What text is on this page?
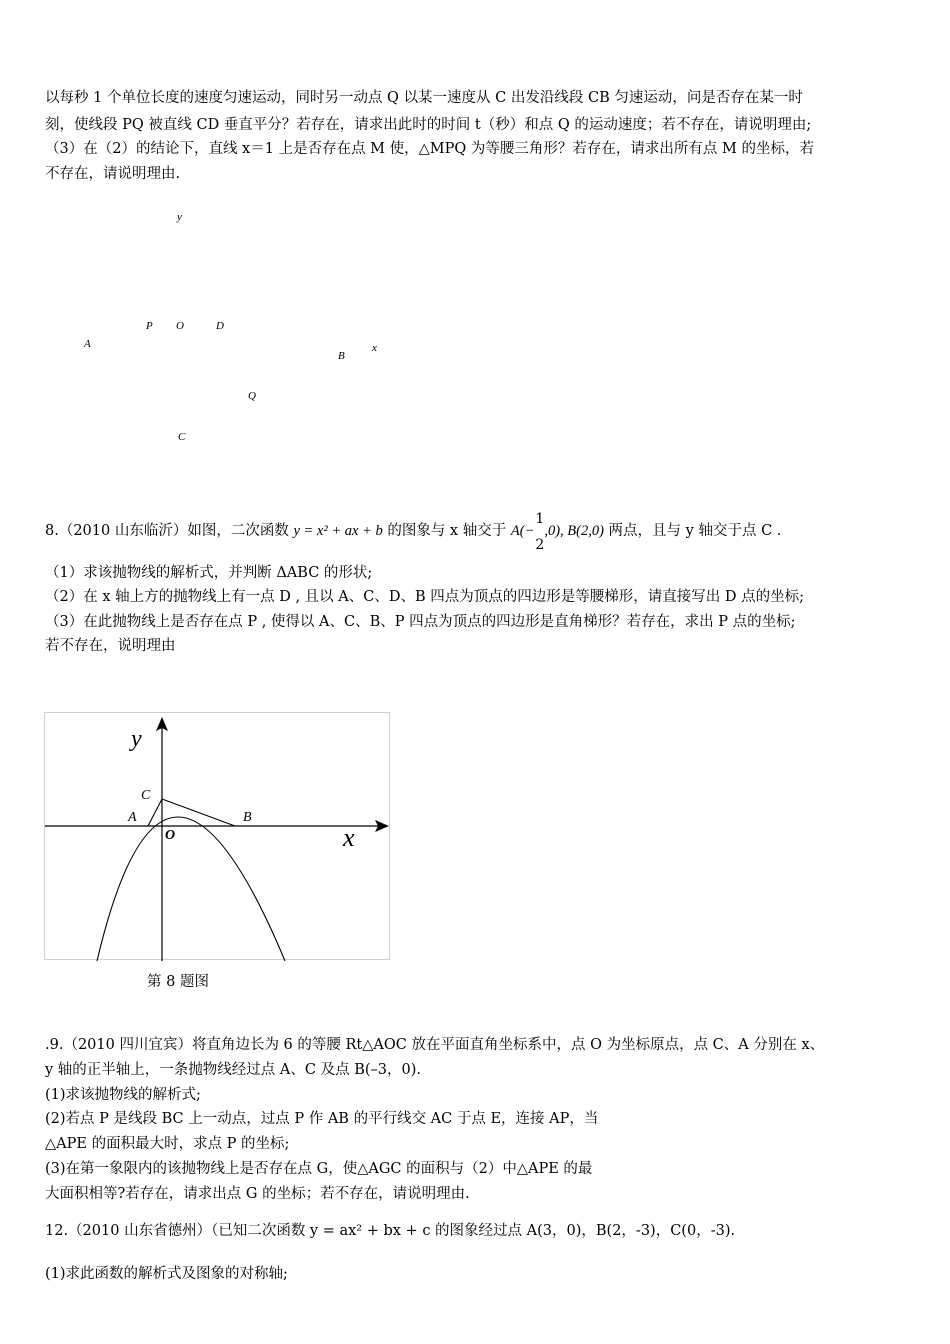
以每秒 1 个单位长度的速度匀速运动，同时另一动点 Q 以某一速度从 C 出发沿线段 CB 匀速运动，问是否存在某一时
刻，使线段 PQ 被直线 CD 垂直平分？若存在，请求出此时的时间 t（秒）和点 Q 的运动速度；若不存在，请说明理由;
（3）在（2）的结论下，直线 x＝1 上是否存在点 M 使，△MPQ 为等腰三角形？若存在，请求出所有点 M 的坐标，若
不存在，请说明理由.
y
P O	D
A
B
x
Q
C
8.（2010 山东临沂）如图，二次函数 y = x² + ax + b 的图象与 x 轴交于 A(−
1
2
,0), B(2,0) 两点，且与 y 轴交于点 C .
（1）求该抛物线的解析式，并判断 ΔABC 的形状;
（2）在 x 轴上方的抛物线上有一点 D , 且以 A、C、D、B 四点为顶点的四边形是等腰梯形，请直接写出 D 点的坐标;
（3）在此抛物线上是否存在点 P , 使得以 A、C、B、P 四点为顶点的四边形是直角梯形？若存在，求出 P 点的坐标;
若不存在，说明理由
y
x
C
A
O
B
第 8 题图
.9.（2010 四川宜宾）将直角边长为 6 的等腰 Rt△AOC 放在平面直角坐标系中，点 O 为坐标原点，点 C、A 分别在 x、
y 轴的正半轴上，一条抛物线经过点 A、C 及点 B(–3，0).
(1)求该抛物线的解析式;
(2)若点 P 是线段 BC 上一动点，过点 P 作 AB 的平行线交 AC 于点 E，连接 AP，当
△APE 的面积最大时，求点 P 的坐标;
(3)在第一象限内的该抛物线上是否存在点 G，使△AGC 的面积与（2）中△APE 的最
大面积相等?若存在，请求出点 G 的坐标；若不存在，请说明理由.
12.（2010 山东省德州）（已知二次函数 y = ax² + bx + c 的图象经过点 A(3，0)，B(2，-3)，C(0，-3).
(1)求此函数的解析式及图象的对称轴;
